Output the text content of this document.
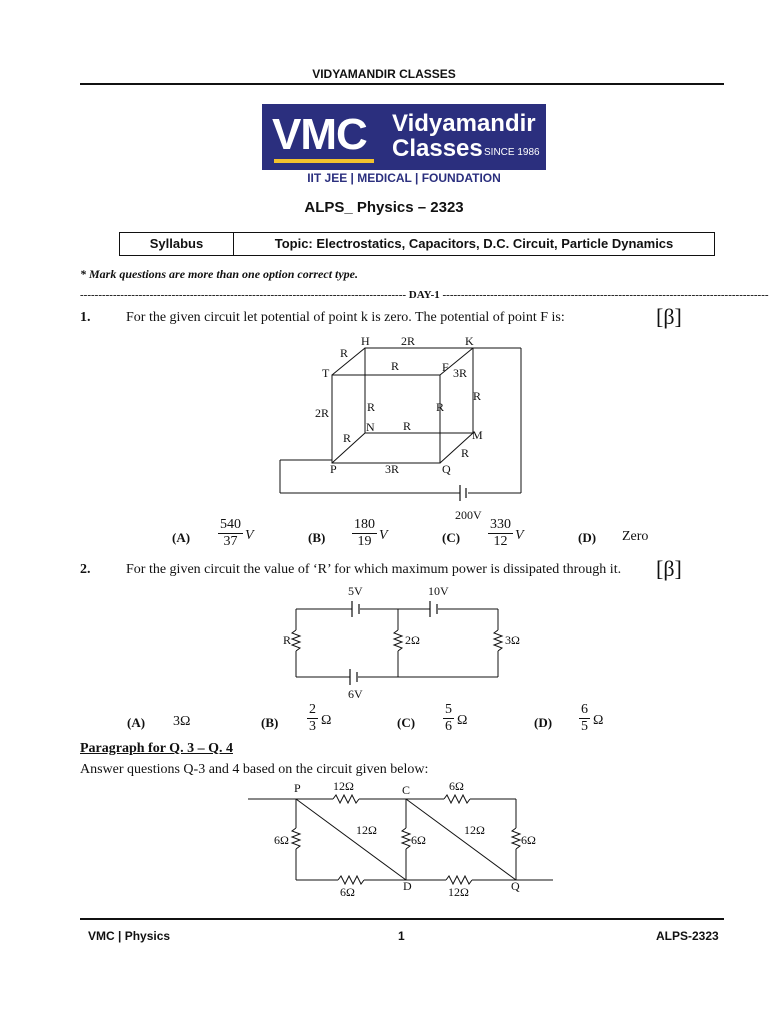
VIDYAMANDIR CLASSES
VMC Vidyamandir
Classes SINCE 1986
IIT JEE | MEDICAL | FOUNDATION
ALPS_ Physics – 2323
Syllabus	Topic: Electrostatics, Capacitors, D.C. Circuit, Particle Dynamics
* Mark questions are more than one option correct type.
----------------------------------------------------------------------------------------- DAY-1 -----------------------------------------------------------------------------------------
1.	For the given circuit let potential of point k is zero. The potential of point F is:	[β]
H	2R	K
R
T	R	F 3R
R
2R	R	R
N R
R	M
R
P	3R	Q
200V
$(A) \frac{540}{37}$ V	$(B) \frac{180}{19}$ V	$(C) \frac{330}{12}$ V	(D) Zero
2.	For the given circuit the value of ‘R’ for which maximum power is dissipated through it. [β]
5V	10V
6V
R	2Ω	3Ω
(A) 3Ω	$(B) \frac{2}{3}$ Ω	$(C) \frac{5}{6}$ Ω	$(D) \frac{6}{5}$ Ω
Paragraph for Q. 3 – Q. 4
Answer questions Q-3 and 4 based on the circuit given below:
P	12Ω	C	6Ω
6Ω
12Ω
6Ω
12Ω
6Ω
6Ω	D	12Ω	Q
VMC | Physics	1	ALPS-2323
